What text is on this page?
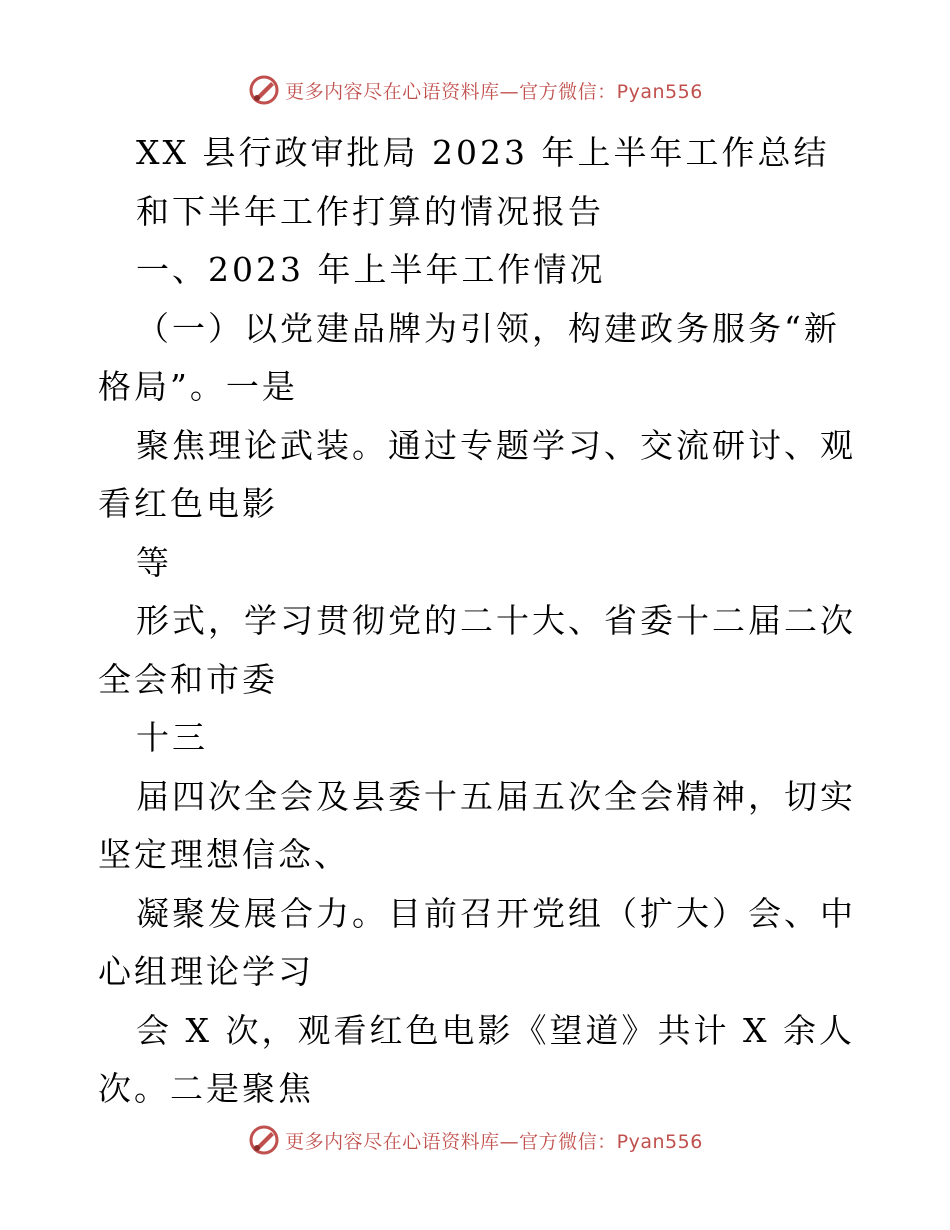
更多内容尽在心语资料库—官方微信：Pyan556

XX 县行政审批局 2023 年上半年工作总结

和下半年工作打算的情况报告

一、2023 年上半年工作情况

（一）以党建品牌为引领，构建政务服务“新格局”。一是

聚焦理论武装。通过专题学习、交流研讨、观看红色电影

等

形式，学习贯彻党的二十大、省委十二届二次全会和市委

十三

届四次全会及县委十五届五次全会精神，切实坚定理想信念、

凝聚发展合力。目前召开党组（扩大）会、中心组理论学习

会 X 次，观看红色电影《望道》共计 X 余人次。二是聚焦

更多内容尽在心语资料库—官方微信：Pyan556
